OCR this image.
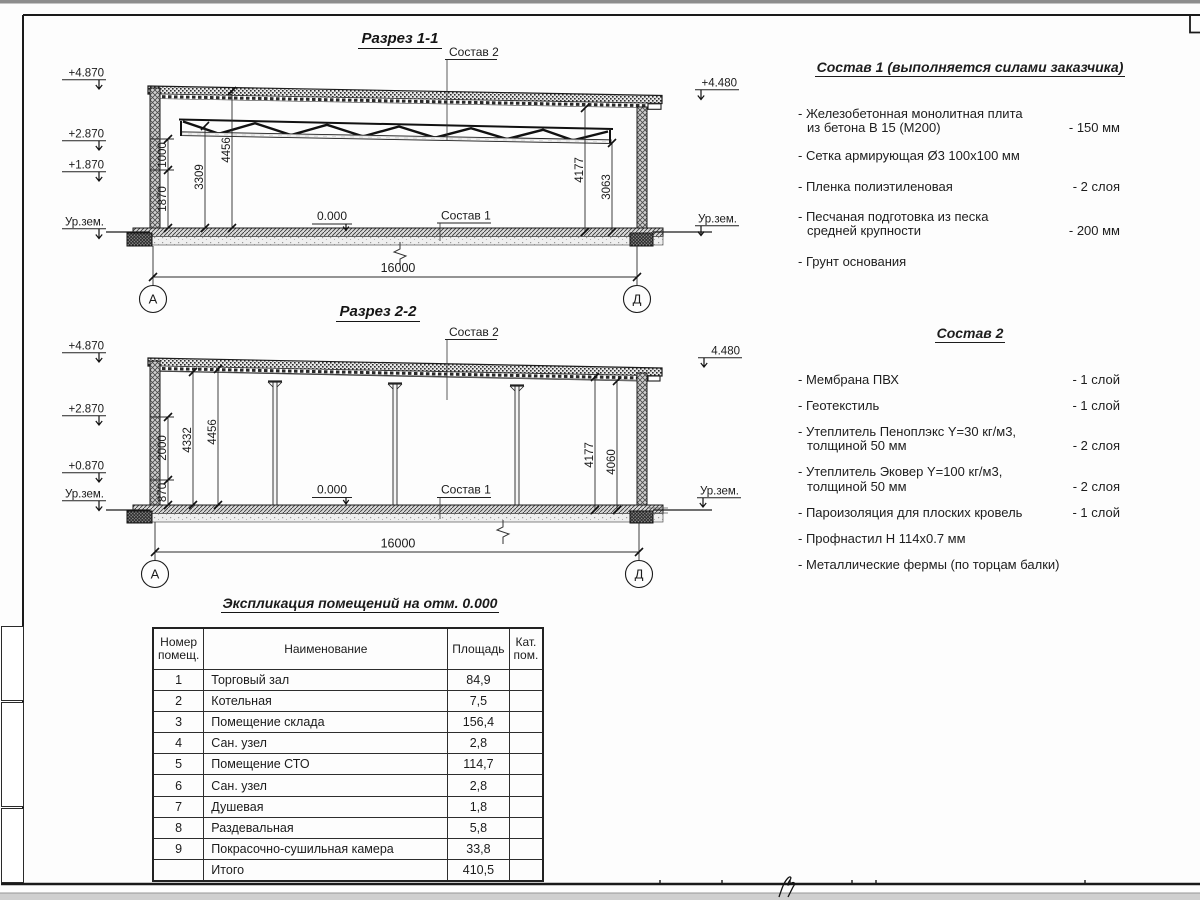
1000
1870
3309
4456
4177
3063
0.000
Состав 2
Состав 1
+4.870
+2.870
+1.870
Ур.зем.
+4.480
Ур.зем.
16000
А	Д
2000
870
4332 4456
4177 4060
0.000
Состав 2
Состав 1
+4.870
+2.870
+0.870
Ур.зем.
4.480
Ур.зем.
16000
А	Д
Разрез 1-1
Разрез 2-2
Состав 1 (выполняется силами заказчика)
- Железобетонная монолитная плита
из бетона В 15 (М200)	- 150 мм
- Сетка армирующая Ø3 100х100 мм
- Пленка полиэтиленовая	- 2 слоя
- Песчаная подготовка из песка
средней крупности	- 200 мм
- Грунт основания
Состав 2
- Мембрана ПВХ	- 1 слой
- Геотекстиль	- 1 слой
- Утеплитель Пеноплэкс Y=30 кг/м3,
толщиной 50 мм	- 2 слоя
- Утеплитель Эковер Y=100 кг/м3,
толщиной 50 мм	- 2 слоя
- Пароизоляция для плоских кровель	- 1 слой
- Профнастил Н 114х0.7 мм
- Металлические фермы (по торцам балки)
Экспликация помещений на отм. 0.000
Номер помещ.	Наименование	Площадь	Кат. пом.
1	Торговый зал	84,9	
2	Котельная	7,5	
3	Помещение склада	156,4	
4	Сан. узел	2,8	
5	Помещение СТО	114,7	
6	Сан. узел	2,8	
7	Душевая	1,8	
8	Раздевальная	5,8	
9	Покрасочно-сушильная камера	33,8	
	Итого	410,5	
